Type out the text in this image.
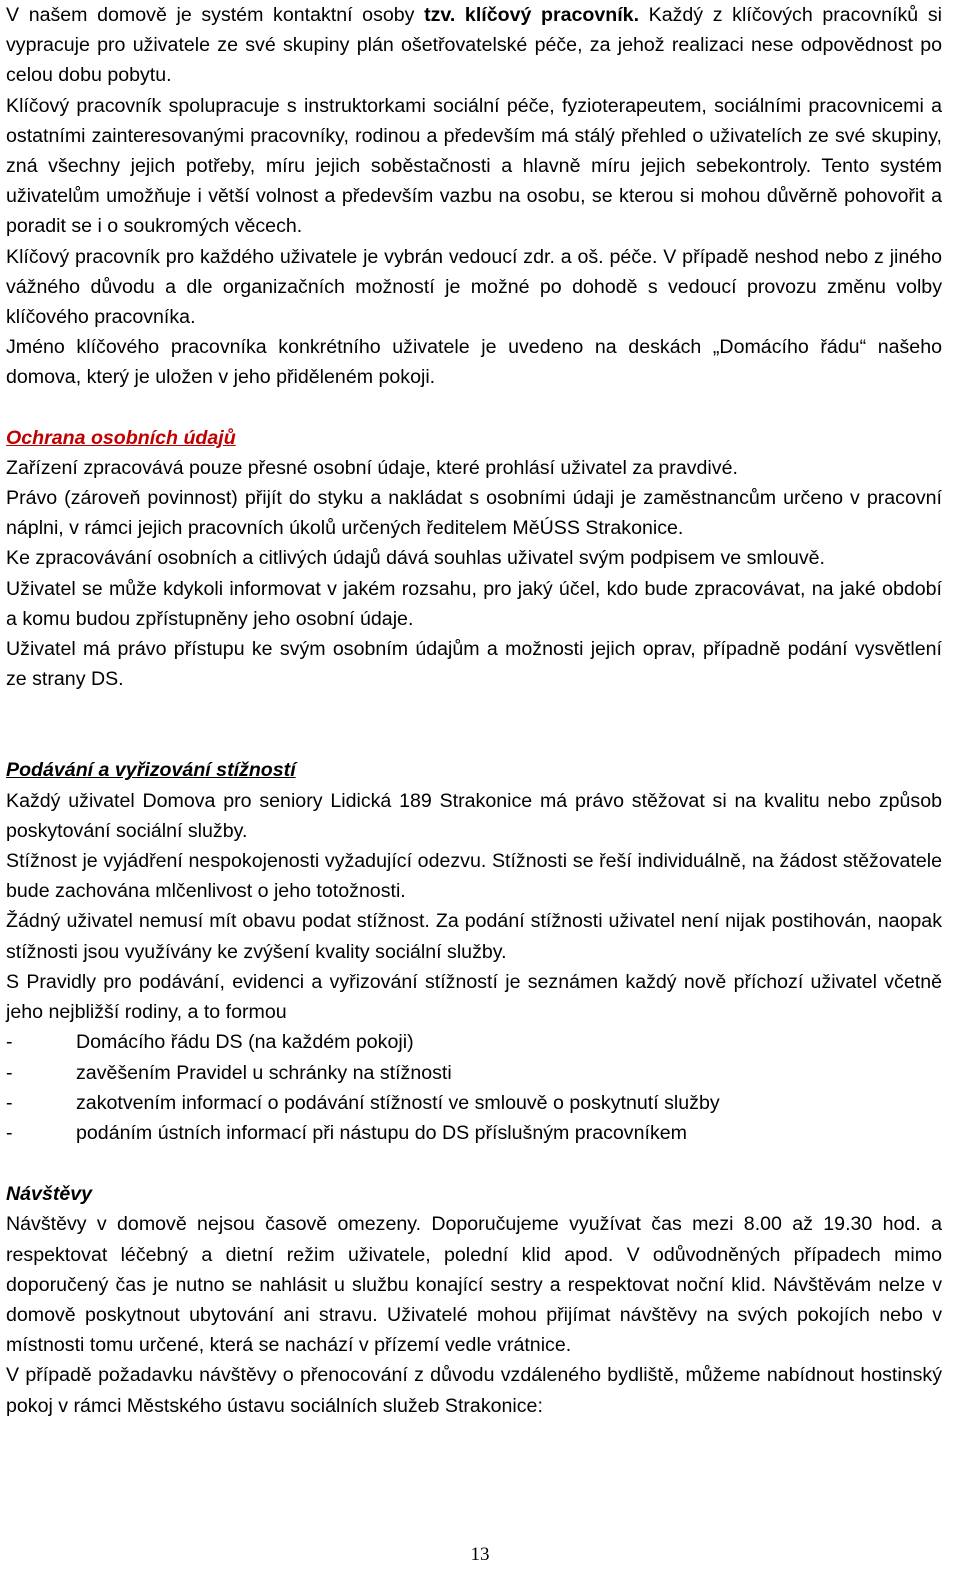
V našem domově je systém kontaktní osoby tzv. klíčový pracovník. Každý z klíčových pracovníků si vypracuje pro uživatele ze své skupiny plán ošetřovatelské péče, za jehož realizaci nese odpovědnost po celou dobu pobytu.

Klíčový pracovník spolupracuje s instruktorkami sociální péče, fyzioterapeutem, sociálními pracovnicemi a ostatními zainteresovanými pracovníky, rodinou a především má stálý přehled o uživatelích ze své skupiny, zná všechny jejich potřeby, míru jejich soběstačnosti a hlavně míru jejich sebekontroly. Tento systém uživatelům umožňuje i větší volnost a především vazbu na osobu, se kterou si mohou důvěrně pohovořit a poradit se i o soukromých věcech.

Klíčový pracovník pro každého uživatele je vybrán vedoucí zdr. a oš. péče. V případě neshod nebo z jiného vážného důvodu a dle organizačních možností je možné po dohodě s vedoucí provozu změnu volby klíčového pracovníka.

Jméno klíčového pracovníka konkrétního uživatele je uvedeno na deskách „Domácího řádu“ našeho domova, který je uložen v jeho přiděleném pokoji.

Ochrana osobních údajů

Zařízení zpracovává pouze přesné osobní údaje, které prohlásí uživatel za pravdivé.

Právo (zároveň povinnost) přijít do styku a nakládat s osobními údaji je zaměstnancům určeno v pracovní náplni, v rámci jejich pracovních úkolů určených ředitelem MěÚSS Strakonice.

Ke zpracovávání osobních a citlivých údajů dává souhlas uživatel svým podpisem ve smlouvě.

Uživatel se může kdykoli informovat v jakém rozsahu, pro jaký účel, kdo bude zpracovávat, na jaké období a komu budou zpřístupněny jeho osobní údaje.

Uživatel má právo přístupu ke svým osobním údajům a možnosti jejich oprav, případně podání vysvětlení ze strany DS.

Podávání a vyřizování stížností

Každý uživatel Domova pro seniory Lidická 189 Strakonice má právo stěžovat si na kvalitu nebo způsob poskytování sociální služby.

Stížnost je vyjádření nespokojenosti vyžadující odezvu. Stížnosti se řeší individuálně, na žádost stěžovatele bude zachována mlčenlivost o jeho totožnosti.

Žádný uživatel nemusí mít obavu podat stížnost. Za podání stížnosti uživatel není nijak postihován, naopak stížnosti jsou využívány ke zvýšení kvality sociální služby.

S Pravidly pro podávání, evidenci a vyřizování stížností je seznámen každý nově příchozí uživatel včetně jeho nejbližší rodiny, a to formou

-	Domácího řádu DS (na každém pokoji)
-	zavěšením Pravidel u schránky na stížnosti
-	zakotvením informací o podávání stížností ve smlouvě o poskytnutí služby
-	podáním ústních informací při nástupu do DS příslušným pracovníkem

Návštěvy

Návštěvy v domově nejsou časově omezeny. Doporučujeme využívat čas mezi 8.00 až 19.30 hod. a respektovat léčebný a dietní režim uživatele, polední klid apod. V odůvodněných případech mimo doporučený čas je nutno se nahlásit u službu konající sestry a respektovat noční klid. Návštěvám nelze v domově poskytnout ubytování ani stravu. Uživatelé mohou přijímat návštěvy na svých pokojích nebo v místnosti tomu určené, která se nachází v přízemí vedle vrátnice.

V případě požadavku návštěvy o přenocování z důvodu vzdáleného bydliště, můžeme nabídnout hostinský pokoj v rámci Městského ústavu sociálních služeb Strakonice:

13
